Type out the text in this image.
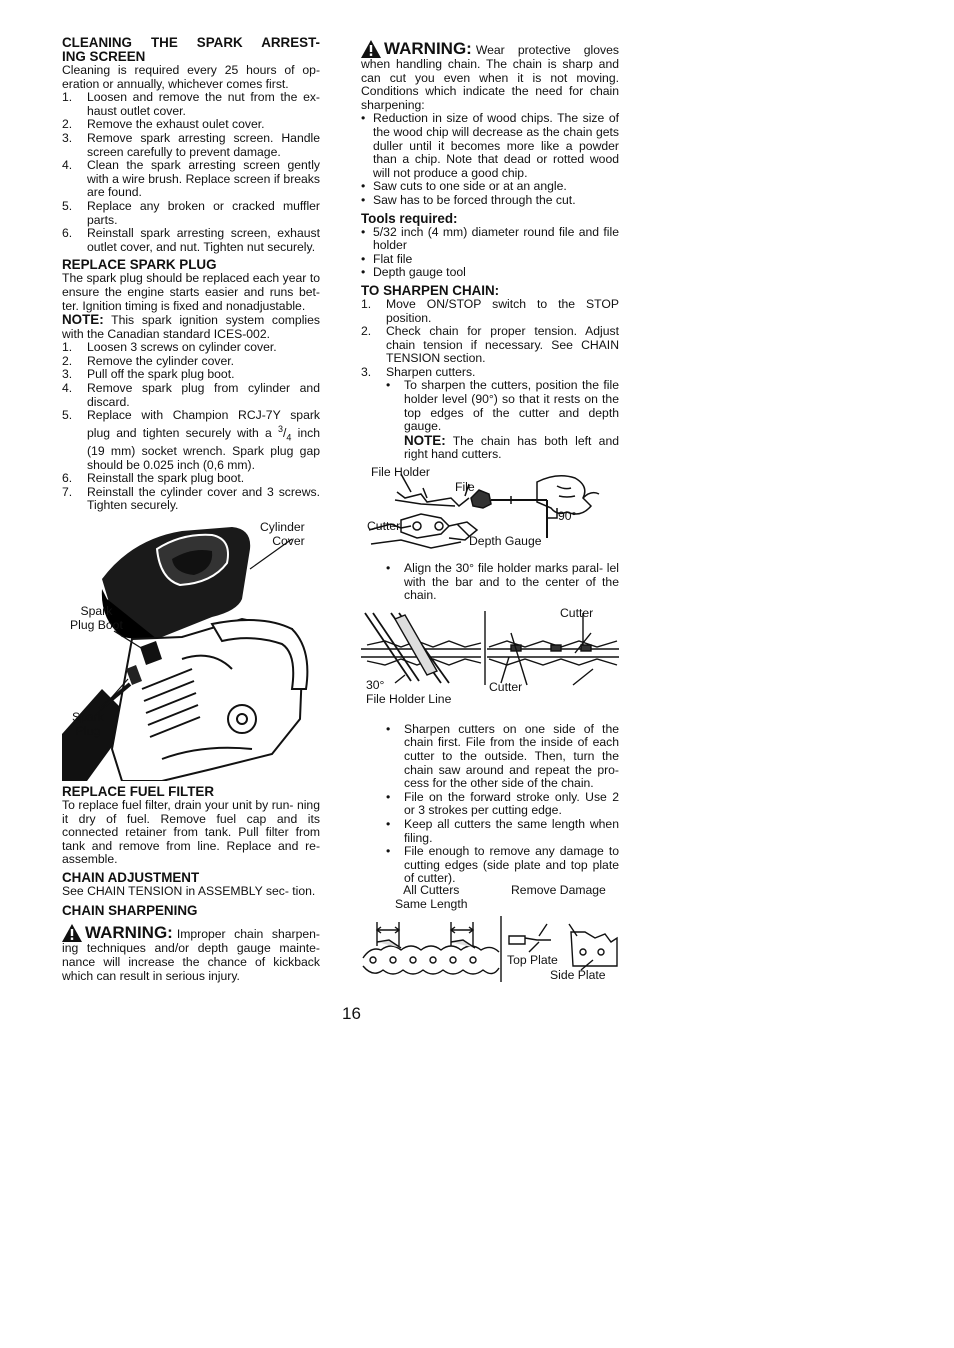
CLEANING THE SPARK ARREST-
ING SCREEN
Cleaning is required every 25 hours of op- eration or annually, whichever comes first.
1. Loosen and remove the nut from the ex- haust outlet cover.
2. Remove the exhaust oulet cover.
3. Remove spark arresting screen. Handle screen carefully to prevent damage.
4. Clean the spark arresting screen gently with a wire brush. Replace screen if breaks are found.
5. Replace any broken or cracked muffler parts.
6. Reinstall spark arresting screen, exhaust outlet cover, and nut. Tighten nut securely.
REPLACE SPARK PLUG
The spark plug should be replaced each year to ensure the engine starts easier and runs bet- ter. Ignition timing is fixed and nonadjustable.
NOTE: This spark ignition system complies with the Canadian standard ICES-002.
1. Loosen 3 screws on cylinder cover.
2. Remove the cylinder cover.
3. Pull off the spark plug boot.
4. Remove spark plug from cylinder and discard.
5. Replace with Champion RCJ-7Y spark plug and tighten securely with a $^3/_4$ inch (19 mm) socket wrench. Spark plug gap should be 0.025 inch (0,6 mm).
6. Reinstall the spark plug boot.
7. Reinstall the cylinder cover and 3 screws. Tighten securely.
Cylinder
Cover
Spark
Plug Boot
Spark
Plug
REPLACE FUEL FILTER
To replace fuel filter, drain your unit by run- ning it dry of fuel. Remove fuel cap and its connected retainer from tank. Pull filter from tank and remove from line. Replace and re- assemble.
CHAIN ADJUSTMENT
See CHAIN TENSION in ASSEMBLY sec- tion.
CHAIN SHARPENING
WARNING: Improper chain sharpen- ing techniques and/or depth gauge mainte- nance will increase the chance of kickback which can result in serious injury.
WARNING: Wear protective gloves when handling chain. The chain is sharp and can cut you even when it is not moving. Conditions which indicate the need for chain sharpening:
• Reduction in size of wood chips. The size of the wood chip will decrease as the chain gets duller until it becomes more like a powder than a chip. Note that dead or rotted wood will not produce a good chip.
• Saw cuts to one side or at an angle.
• Saw has to be forced through the cut.
Tools required:
• 5/32 inch (4 mm) diameter round file and file holder
• Flat file
• Depth gauge tool
TO SHARPEN CHAIN:
1. Move ON/STOP switch to the STOP position.
2. Check chain for proper tension. Adjust chain tension if necessary. See CHAIN TENSION section.
3. Sharpen cutters.
• To sharpen the cutters, position the file holder level (90°) so that it rests on the top edges of the cutter and depth gauge.
NOTE: The chain has both left and right hand cutters.
File Holder
File
Cutter
Depth Gauge
90°
• Align the 30° file holder marks paral- lel with the bar and to the center of the chain.
Cutter
30°
File Holder Line
Cutter
• Sharpen cutters on one side of the chain first. File from the inside of each cutter to the outside. Then, turn the chain saw around and repeat the pro- cess for the other side of the chain.
• File on the forward stroke only. Use 2 or 3 strokes per cutting edge.
• Keep all cutters the same length when filing.
• File enough to remove any damage to cutting edges (side plate and top plate of cutter).
All Cutters
Same Length
Remove Damage
Top Plate
Side Plate
16
